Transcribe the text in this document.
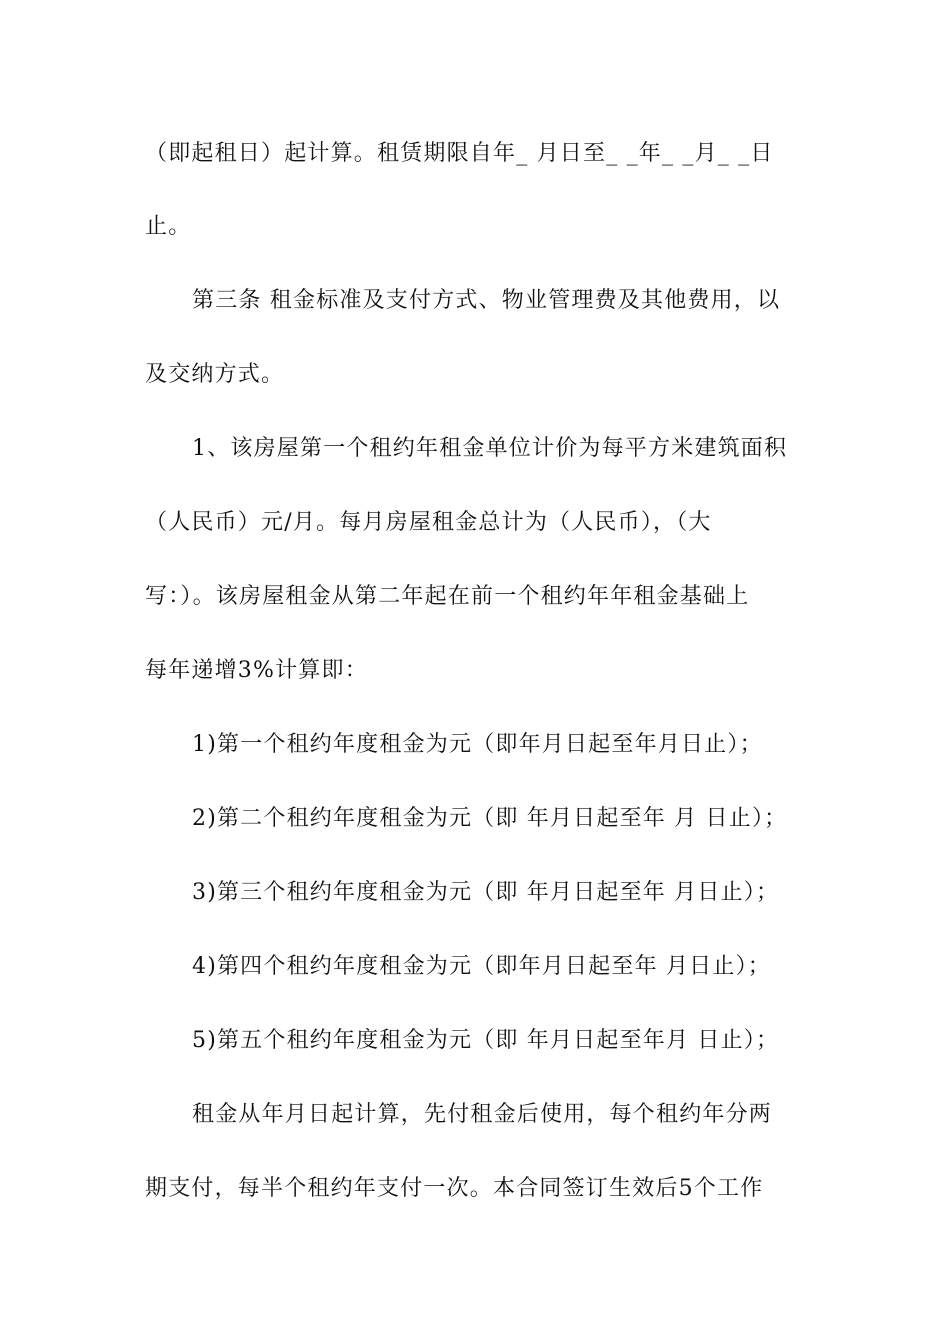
（即起租日）起计算。租赁期限自年_ 月日至_ _年_ _月_ _日

止。

第三条 租金标准及支付方式、物业管理费及其他费用，以

及交纳方式。

1、该房屋第一个租约年租金单位计价为每平方米建筑面积

（人民币）元/月。每月房屋租金总计为（人民币），（大

写：）。该房屋租金从第二年起在前一个租约年年租金基础上

每年递增3%计算即：

1)第一个租约年度租金为元（即年月日起至年月日止）；

2)第二个租约年度租金为元（即 年月日起至年 月 日止）；

3)第三个租约年度租金为元（即 年月日起至年 月日止）；

4)第四个租约年度租金为元（即年月日起至年 月日止）；

5)第五个租约年度租金为元（即 年月日起至年月 日止）；

租金从年月日起计算，先付租金后使用，每个租约年分两

期支付，每半个租约年支付一次。本合同签订生效后5个工作
